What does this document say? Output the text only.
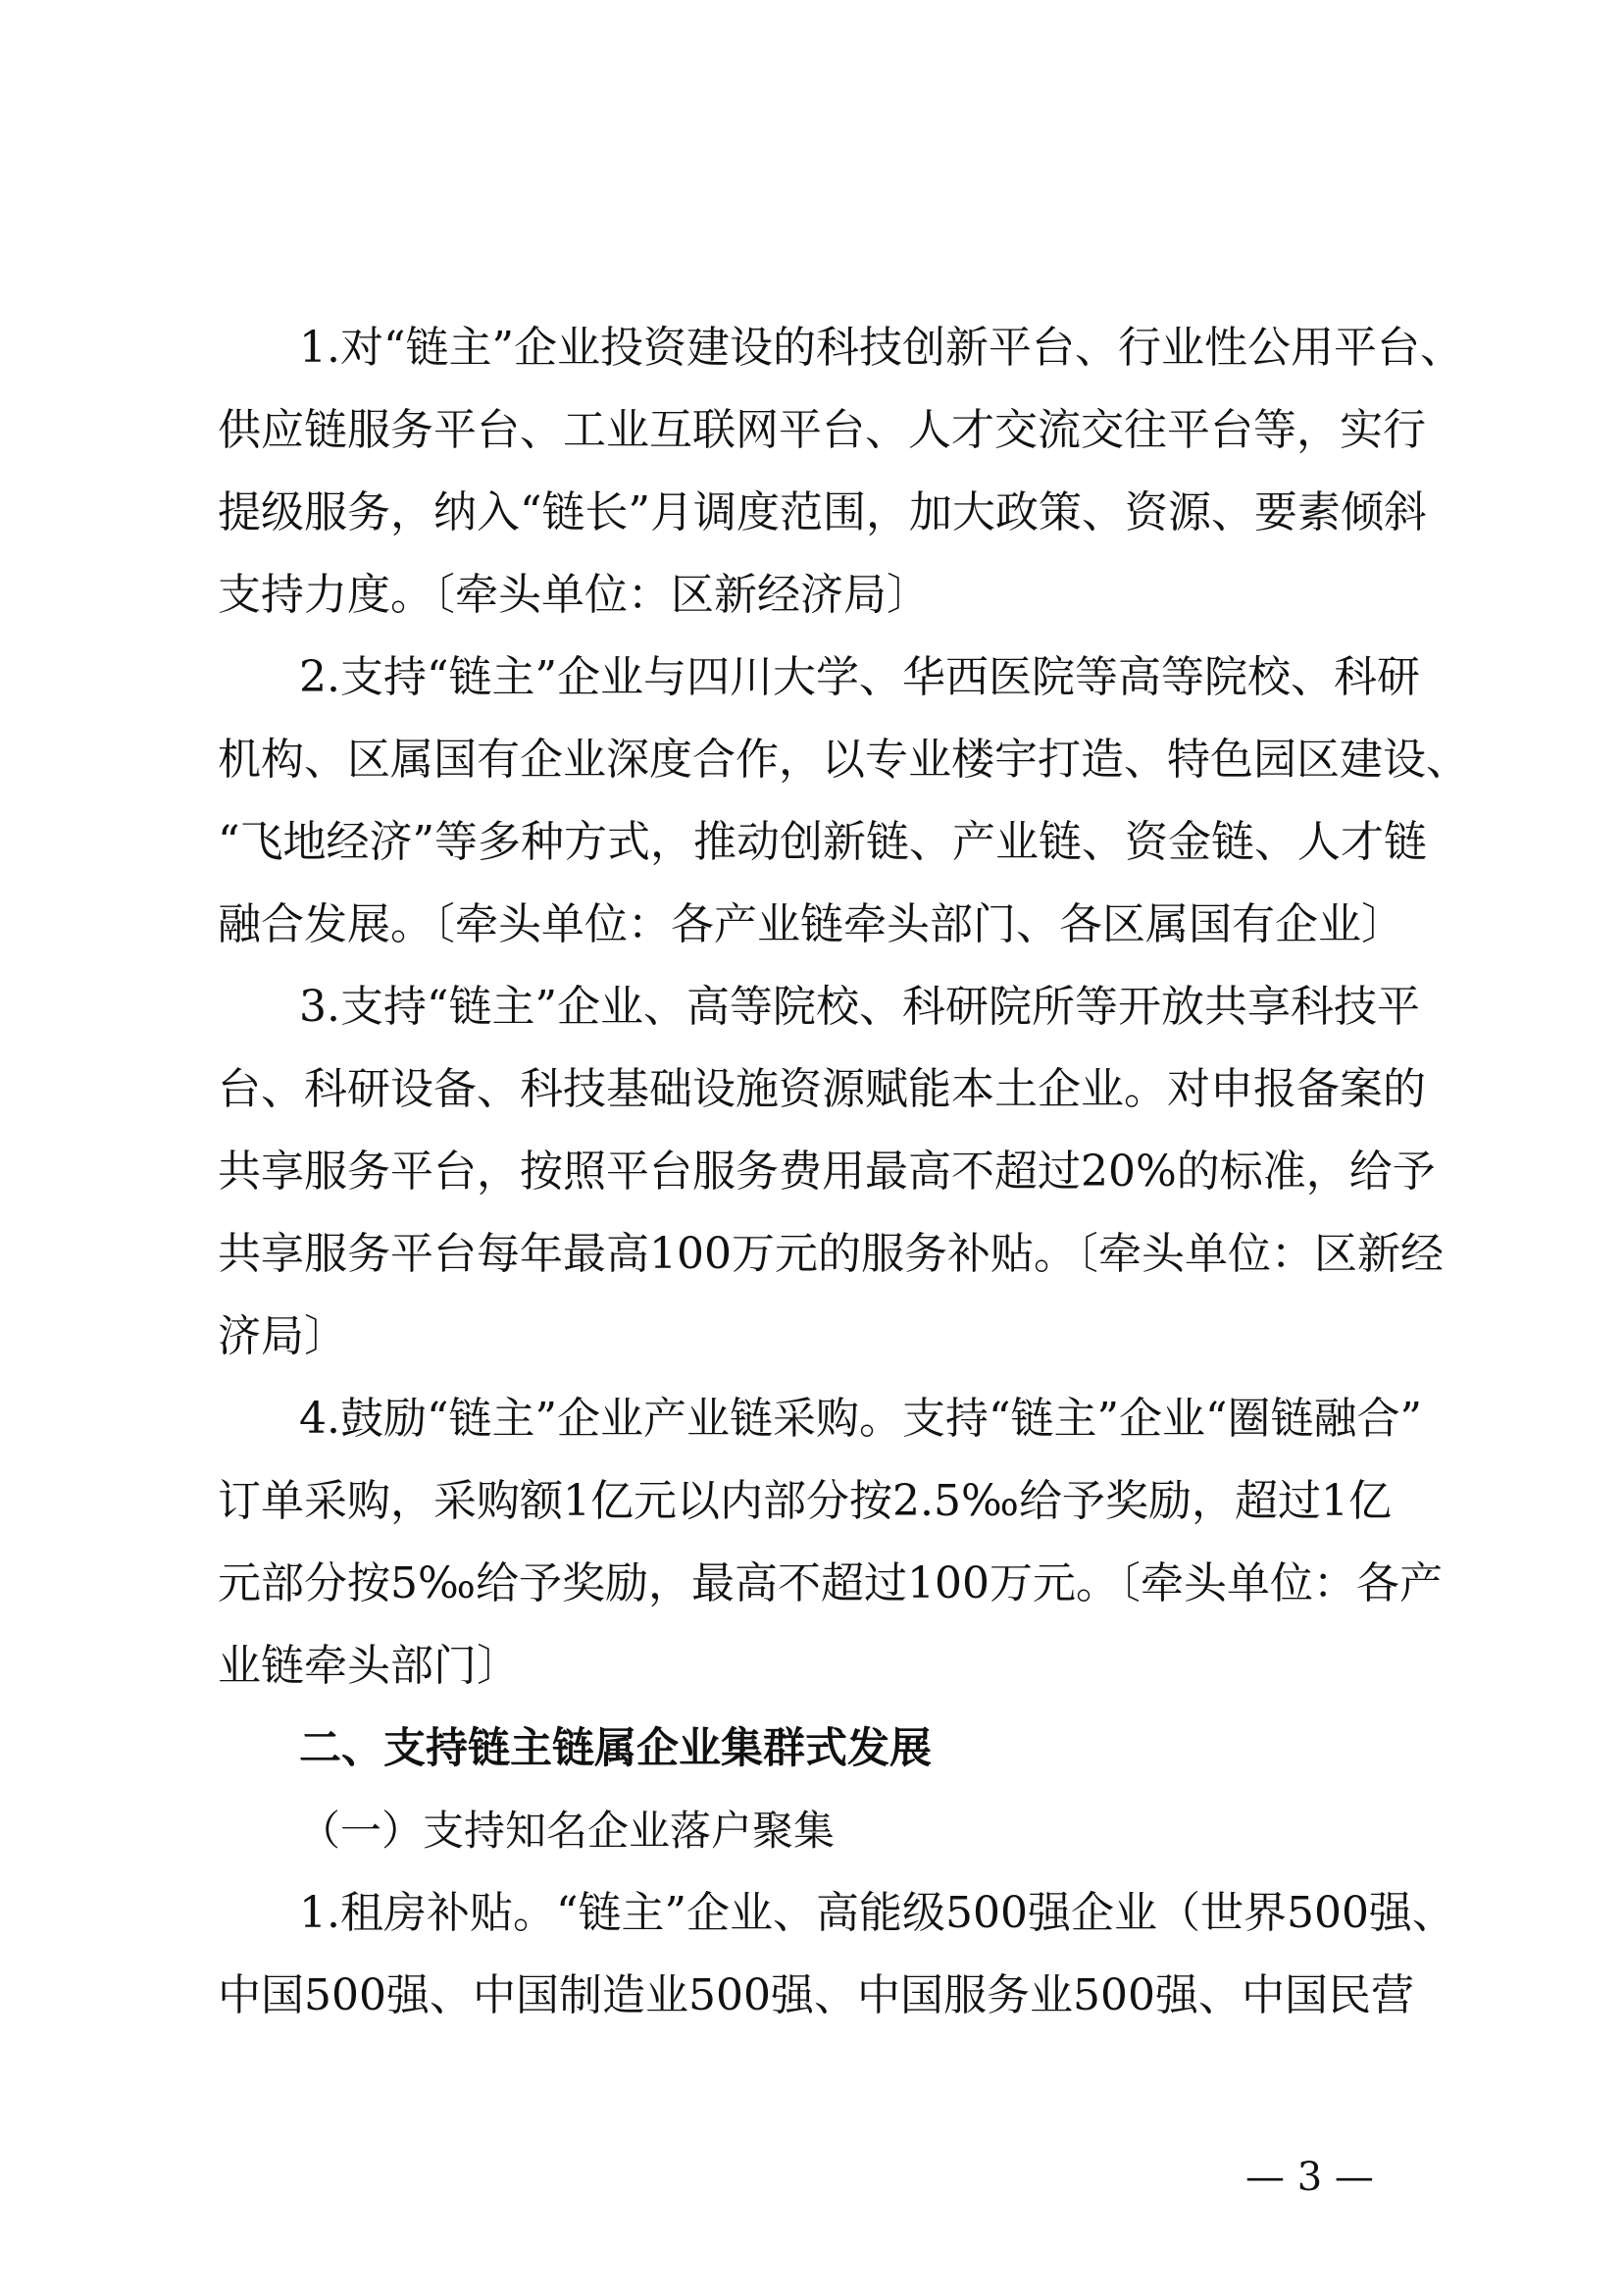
1.对“链主”企业投资建设的科技创新平台、行业性公用平台、
供应链服务平台、工业互联网平台、人才交流交往平台等，实行
提级服务，纳入“链长”月调度范围，加大政策、资源、要素倾斜
支持力度。〔牵头单位：区新经济局〕
2.支持“链主”企业与四川大学、华西医院等高等院校、科研
机构、区属国有企业深度合作，以专业楼宇打造、特色园区建设、
“飞地经济”等多种方式，推动创新链、产业链、资金链、人才链
融合发展。〔牵头单位：各产业链牵头部门、各区属国有企业〕
3.支持“链主”企业、高等院校、科研院所等开放共享科技平
台、科研设备、科技基础设施资源赋能本土企业。对申报备案的
共享服务平台，按照平台服务费用最高不超过20%的标准，给予
共享服务平台每年最高100万元的服务补贴。〔牵头单位：区新经
济局〕
4.鼓励“链主”企业产业链采购。支持“链主”企业“圈链融合”
订单采购，采购额1亿元以内部分按2.5‰给予奖励，超过1亿
元部分按5‰给予奖励，最高不超过100万元。〔牵头单位：各产
业链牵头部门〕
二、支持链主链属企业集群式发展
（一）支持知名企业落户聚集
1.租房补贴。“链主”企业、高能级500强企业（世界500强、
中国500强、中国制造业500强、中国服务业500强、中国民营
— 3 —
